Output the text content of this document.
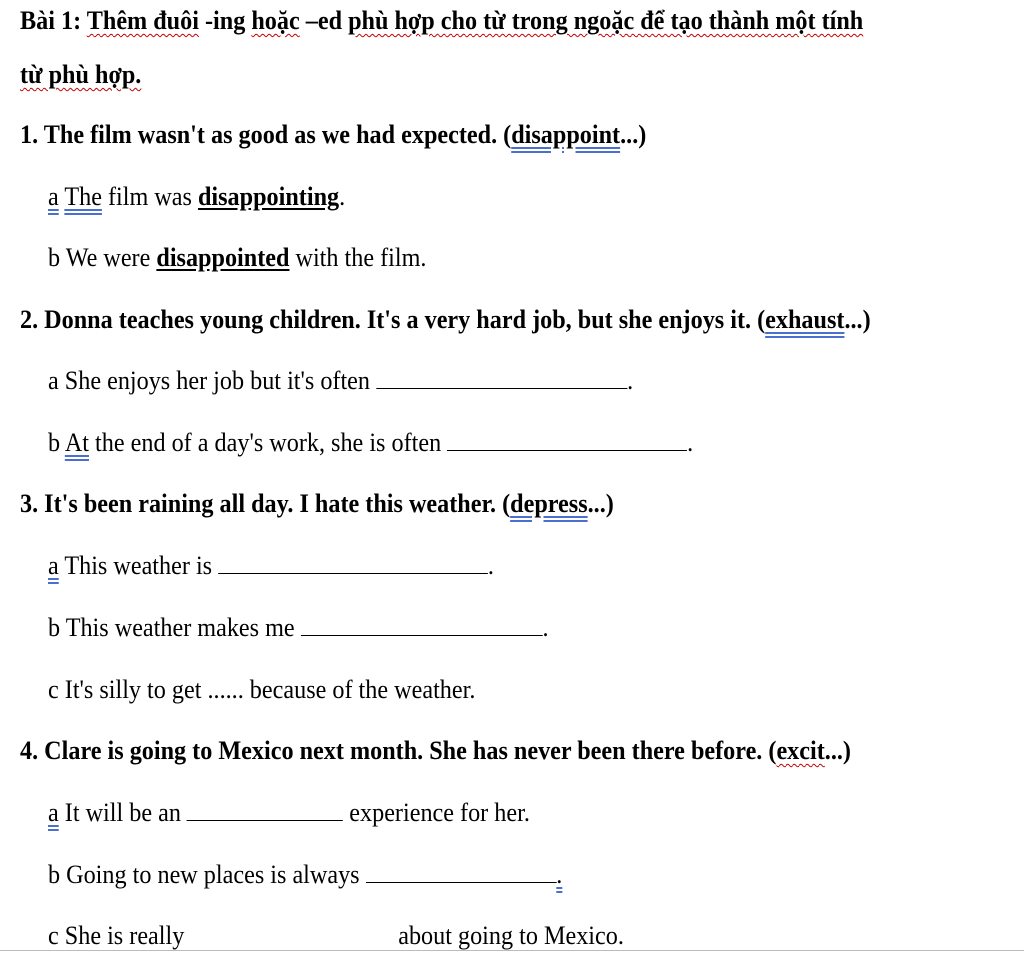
Bài 1: Thêm đuôi -ing hoặc –ed phù hợp cho từ trong ngoặc để tạo thành một tính
từ phù hợp.
1. The film wasn't as good as we had expected. (disappoint...)
a The film was disappointing.
b We were disappointed with the film.
2. Donna teaches young children. It's a very hard job, but she enjoys it. (exhaust...)
a She enjoys her job but it's often	.
b At the end of a day's work, she is often	.
3. It's been raining all day. I hate this weather. (depress...)
a This weather is	.
b This weather makes me	.
c It's silly to get ...... because of the weather.
4. Clare is going to Mexico next month. She has never been there before. (excit...)
a It will be an	experience for her.
b Going to new places is always	.
c She is really	about going to Mexico.
